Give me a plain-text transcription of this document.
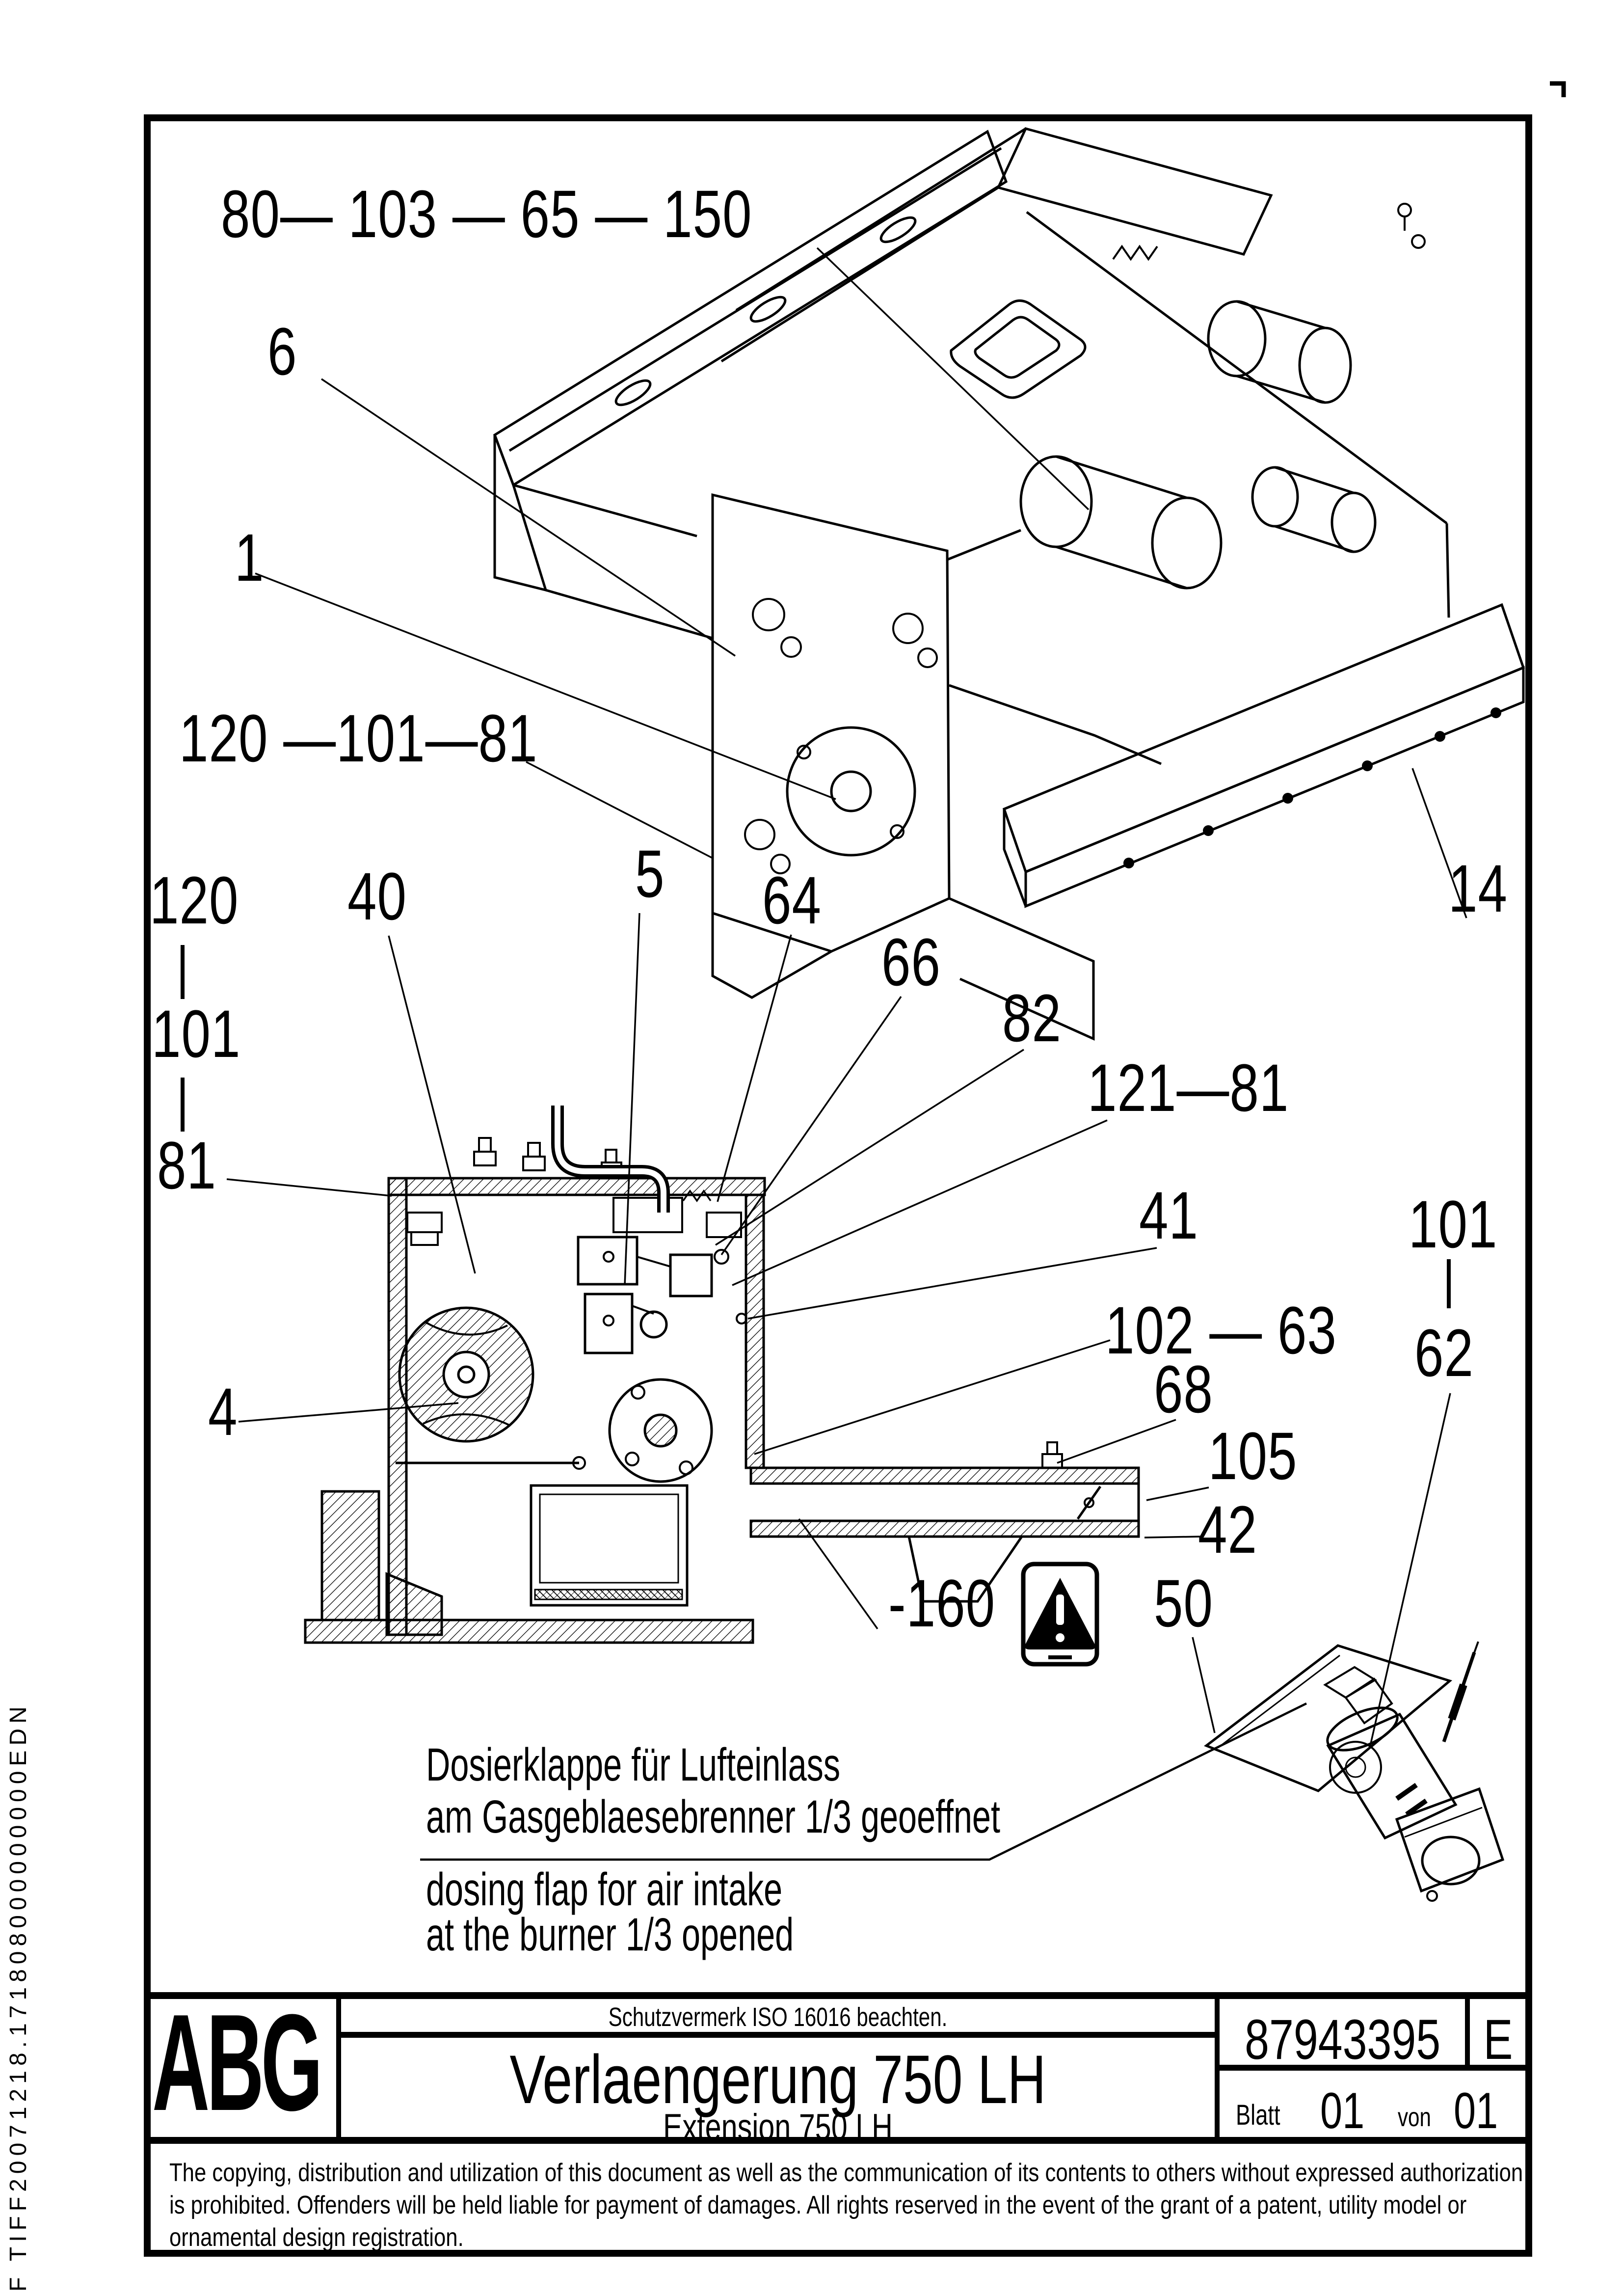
80— 103 — 65 — 150
6
1
120 —101—81
120
101
81
40	5 64
66
82
121—81
41	101
62
102 — 63
68
105
42
50
-160
14
4
Dosierklappe für Lufteinlass
am Gasgeblaesebrenner 1/3 geoeffnet
dosing flap for air intake
at the burner 1/3 opened
ABG	Schutzvermerk ISO 16016 beachten.
Verlaengerung 750 LH
Extension 750 LH
87943395 E
Blatt 01 von 01
The copying, distribution and utilization of this document as well as the communication of its contents to others without expressed authorization
is prohibited. Offenders will be held liable for payment of damages. All rights reserved in the event of the grant of a patent, utility model or
ornamental design registration.
F TIFF20071218.171808000000000EDN
